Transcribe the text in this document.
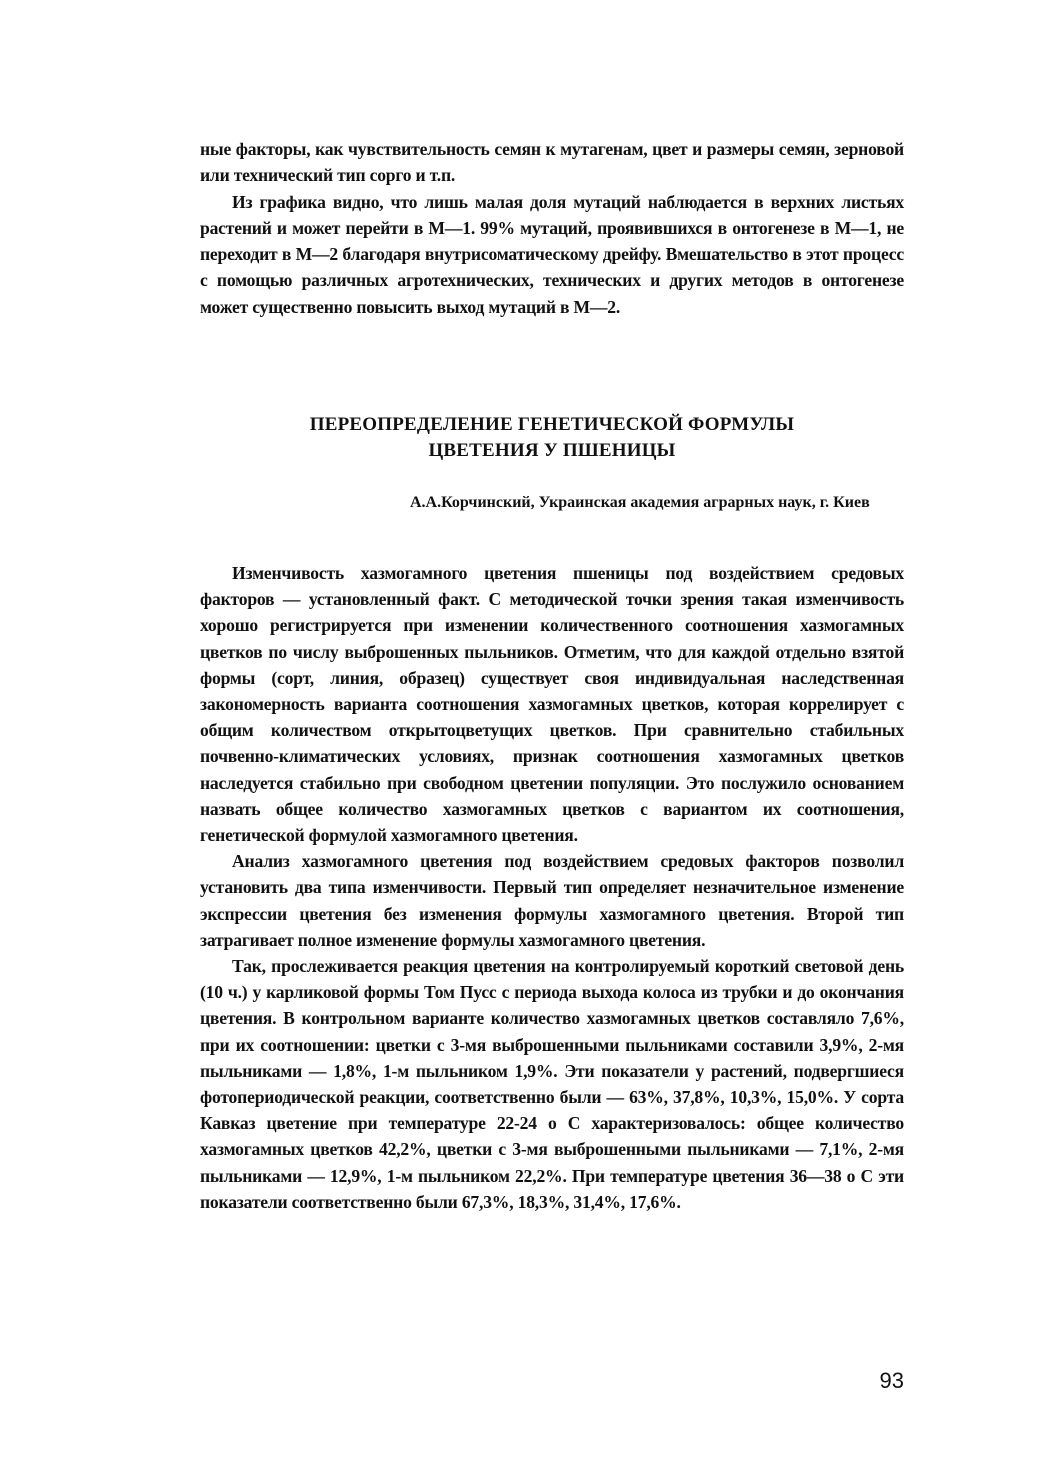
ные факторы, как чувствительность семян к мутагенам, цвет и размеры семян, зерновой или технический тип сорго и т.п.

Из графика видно, что лишь малая доля мутаций наблюдается в верхних листьях растений и может перейти в М—1. 99% мутаций, проявившихся в онтогенезе в М—1, не переходит в М—2 благодаря внутрисоматическому дрейфу. Вмешательство в этот процесс с помощью различных агротехнических, технических и других методов в онтогенезе может существенно повысить выход мутаций в М—2.

ПЕРЕОПРЕДЕЛЕНИЕ ГЕНЕТИЧЕСКОЙ ФОРМУЛЫ
ЦВЕТЕНИЯ У ПШЕНИЦЫ
А.А.Корчинский, Украинская академия аграрных наук, г. Киев

Изменчивость хазмогамного цветения пшеницы под воздействием средовых факторов — установленный факт. С методической точки зрения такая изменчивость хорошо регистрируется при изменении количественного соотношения хазмогамных цветков по числу выброшенных пыльников. Отметим, что для каждой отдельно взятой формы (сорт, линия, образец) существует своя индивидуальная наследственная закономерность варианта соотношения хазмогамных цветков, которая коррелирует с общим количеством открытоцветущих цветков. При сравнительно стабильных почвенно-климатических условиях, признак соотношения хазмогамных цветков наследуется стабильно при свободном цветении популяции. Это послужило основанием назвать общее количество хазмогамных цветков с вариантом их соотношения, генетической формулой хазмогамного цветения.

Анализ хазмогамного цветения под воздействием средовых факторов позволил установить два типа изменчивости. Первый тип определяет незначительное изменение экспрессии цветения без изменения формулы хазмогамного цветения. Второй тип затрагивает полное изменение формулы хазмогамного цветения.

Так, прослеживается реакция цветения на контролируемый короткий световой день (10 ч.) у карликовой формы Том Пусс с периода выхода колоса из трубки и до окончания цветения. В контрольном варианте количество хазмогамных цветков составляло 7,6%, при их соотношении: цветки с 3-мя выброшенными пыльниками составили 3,9%, 2-мя пыльниками — 1,8%, 1-м пыльником 1,9%. Эти показатели у растений, подвергшиеся фотопериодической реакции, соответственно были — 63%, 37,8%, 10,3%, 15,0%. У сорта Кавказ цветение при температуре 22-24 о С характеризовалось: общее количество хазмогамных цветков 42,2%, цветки с 3-мя выброшенными пыльниками — 7,1%, 2-мя пыльниками — 12,9%, 1-м пыльником 22,2%. При температуре цветения 36—38 о С эти показатели соответственно были 67,3%, 18,3%, 31,4%, 17,6%.

93
